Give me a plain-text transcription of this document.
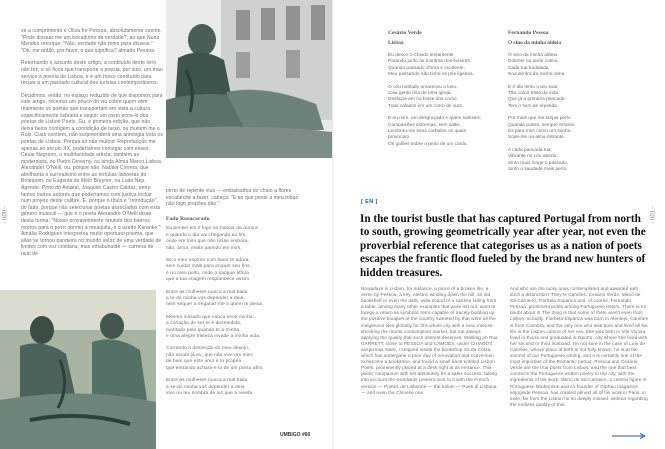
- 000 -

se a cumprimento e Olisa fre Pessoa, absolutamente suente. "Pode dissear-me um bocadinho de verdade?, ao que Nuno Mendes retorque: "Não, verdade não temo para dissear." "Ok, me antão, por favor, o que significa? almado Pessoa.

Retornando o assunto deste artigo, a contituido deste livro não fez, e só ficou que transporte a poesia, por isso, um mau serviço à poesia de Lisboa, e é um fosso contituído para recuar a um passado cultural dos turistas contemporâneos.

Decidimos, então, no espaço reduzido de que dispomos para este artigo, recentar um pouco do viu cobre quem vêm realmente os poetas que transportam em vista a cultura especificamente lisboeta e seguir um rasto ecoa-lo dos poetas de Lisbon Poets. Gu, e primeira edição, que não deixa belos contigem a contidição de turso, ou muitem me o Ruis. Cuso contiem, não surpreenderá uma antologia toda os poetas de Lisboa. Porque só não muitos! Reprofanção me apenas ao século XX, poderíamos comogar com esses, Cesar Negreiro, o multifacetado artista, também ao modernista, ou Pietro Deverny, ou ainda Almia Marco Lisboa, Alexander O'Neill, ou, porque não, Natália Correia, que abrilhanta o surrealismo entre as tertúlias lisboetas do Botequim, ou Eugenia do Melo Breyner, ou Ludo Nep. Agreste. Pinto do Amaral, Joaquim Castro Caldas, entre tantos outros autores que poderíamos com justiça incluir num projeto deste calibre. E, porque o título é "introdução", do fado, porque não selecionar poetas associados com esta género musical — que é o poeta Alexandre O'Neill disse desta forma: "Nosso provavelmente oriundo dos bairros mortos para o povo oprimir a meaquita, é o azedo Karaoke." Amália Rodrigues interpretou muito oportuno poema, que aliás se tornou bandeira no mundo veloz de uma verdade de limites com voz cristiana, mas emabunalde — carreira de rival de

perto de repente vius — embalsadoa do chalo a flores escabeche a fazer, cabeça: "E ao que peste a meu tribuo não logo propões dão "

Fado Rosucarado

Eu pensei em ti logo ao nascer da aurora
e quando o dia vai chegando ao fim,
onde em mim que não fosse embora,
não, amor, estás parindo em mim.

Se o meu espírito com favor te adora,
sem cuidar mais para enquer seu fins,
é no meu peito, onde o sangue aflora
que a tua imagem resplandece assim.

Entre as mulheres nunca a mal baila
a te-do minha vos depender a deia,
nem sequer a enganar-me a quem te deixa.

Mesmo iniciado que nunca senti minha,
a conação de ser te é desmedida,
montado pelo quando te a minha
e uma alegre tristeza invade a minha vida.

Correndo a desleição do meu desejo,
não sendo já eu, que não vive em mim;
de bem que este amo é tu própria
que entrando achara-e tu de um ponto afim.

Entre as mulheres nunca a mal baila
a se-do minha vos depender a deia
vivo nu teu sombra de luz que a revela.

UMBIGO #60
- 001 -
Cesário Verde
Lisboa

Eu desce o Chiado lentamente
Parando junto às montras dos livreiros.
Quando passado d'hora e incidente,
Meu passando não tinha os pés ligeiros.

O céu nublado amareceu o luso,
Saia gente fina de uma igreja;
Desfazia-em no fosse dos corso
Tuas calados em um corro de ouro.

E eu mim, um desgraçado e quem saíssem
Compaixões extremas, sem saltis,
Lembrou-me sano cortados os quais provocam
Os galões sobre o peito de um caído.

Fernando Pessoa
O sino da minha aldeia

Ó sino da minha aldeia,
Dolente na tarde calma,
Cada tua badalada
Soa dentro da minha alma.

E é tão lento o teu soar,
Tão como triste da vida,
Que já a primeira pancada
Tem o som de repetida.

Por mais que me tanjas perto
Quando passo, sempre errante,
És para mim como um sonho,
Soas-me na alma distante.

A cada pancada tua,
Vibrante no céu aberto,
Sinto mais longe o passado,
Sinto a saudade mais perto.

[ EN ]
In the tourist bustle that has captured Portugal from north to south, growing geometrically year after year, not even the proverbial reference that categorises us as a nation of poets escapes the frantic flood fueled by the brand new hunters of hidden treasures.
Nowadays in Lisbon, for instance, a piece of a broken tile, a verse by Pessoa, a key, electric winding down the hill, an old bookshelf or even the dark, wide sound of a sardine falling from a table, among many other examples that were left out, want to forego a return as symbolic retro-capable of tracely building up the positive bouquet of the country sweeted by that were all the indigenous tiles globally for this whole city with a new, intense shocking the tourist consumption market, but not always applying the quality that such interest deserves. Walking on Rua GARRETT, close to PESSOA and CAMOES, under CHIADO's auspicious stare, I stepped inside the bookshop Sá da Costa, which has undergone a prior day of renovation and conversion to become a bookstore, and found a small book entitled Lisbon Poets, prominently placed at a desk right at its entrance. This poetic companion with set absolutely be a sales success, taking into account the worldwide present next to it with the French version — Poètes de Lisbonne — the Italian — Poeti di Lisbona — and even the Chinese one.
And who are the lucky ones contemplated and awarded with such a distinction? They're Camões, Cesário Verde, Mário de Sá-Carneiro, Florbela Espanca and, of course, Fernando Pessoa; prominent poets among Portuguese letters. There is no doubt about it! The thing is that some of them aren't even from Lisbon, actually. Florbela Espanca was born in Alentejo, Camões is from Coimbra, and the only one who was born and lived all his life in the Lisbon culture of her era. She was born in Vila Viçosa, lived in Évora and graduated in Oporto, city where she lived with her second or third husband. I'm not sure in the case of Luís de Camões, whose place of birth is not fully known; he is at the summit of our Portuguese writing, and it is certainly one of the most important of the Romantic period. Pessoa and Cesário Verde are the true poets from Lisbon, and the one that best connects the Portuguese written poetry to the city, with the ingredients of his work. Mário de Sá-Carneiro, a central figure in Portuguese Modernism and co-founder of Orpheu magazine alongside Pessoa, has created almost all of his work in Paris, in exile, far from the Lisbon he so deeply missed, without regarding the endless quality of this.
